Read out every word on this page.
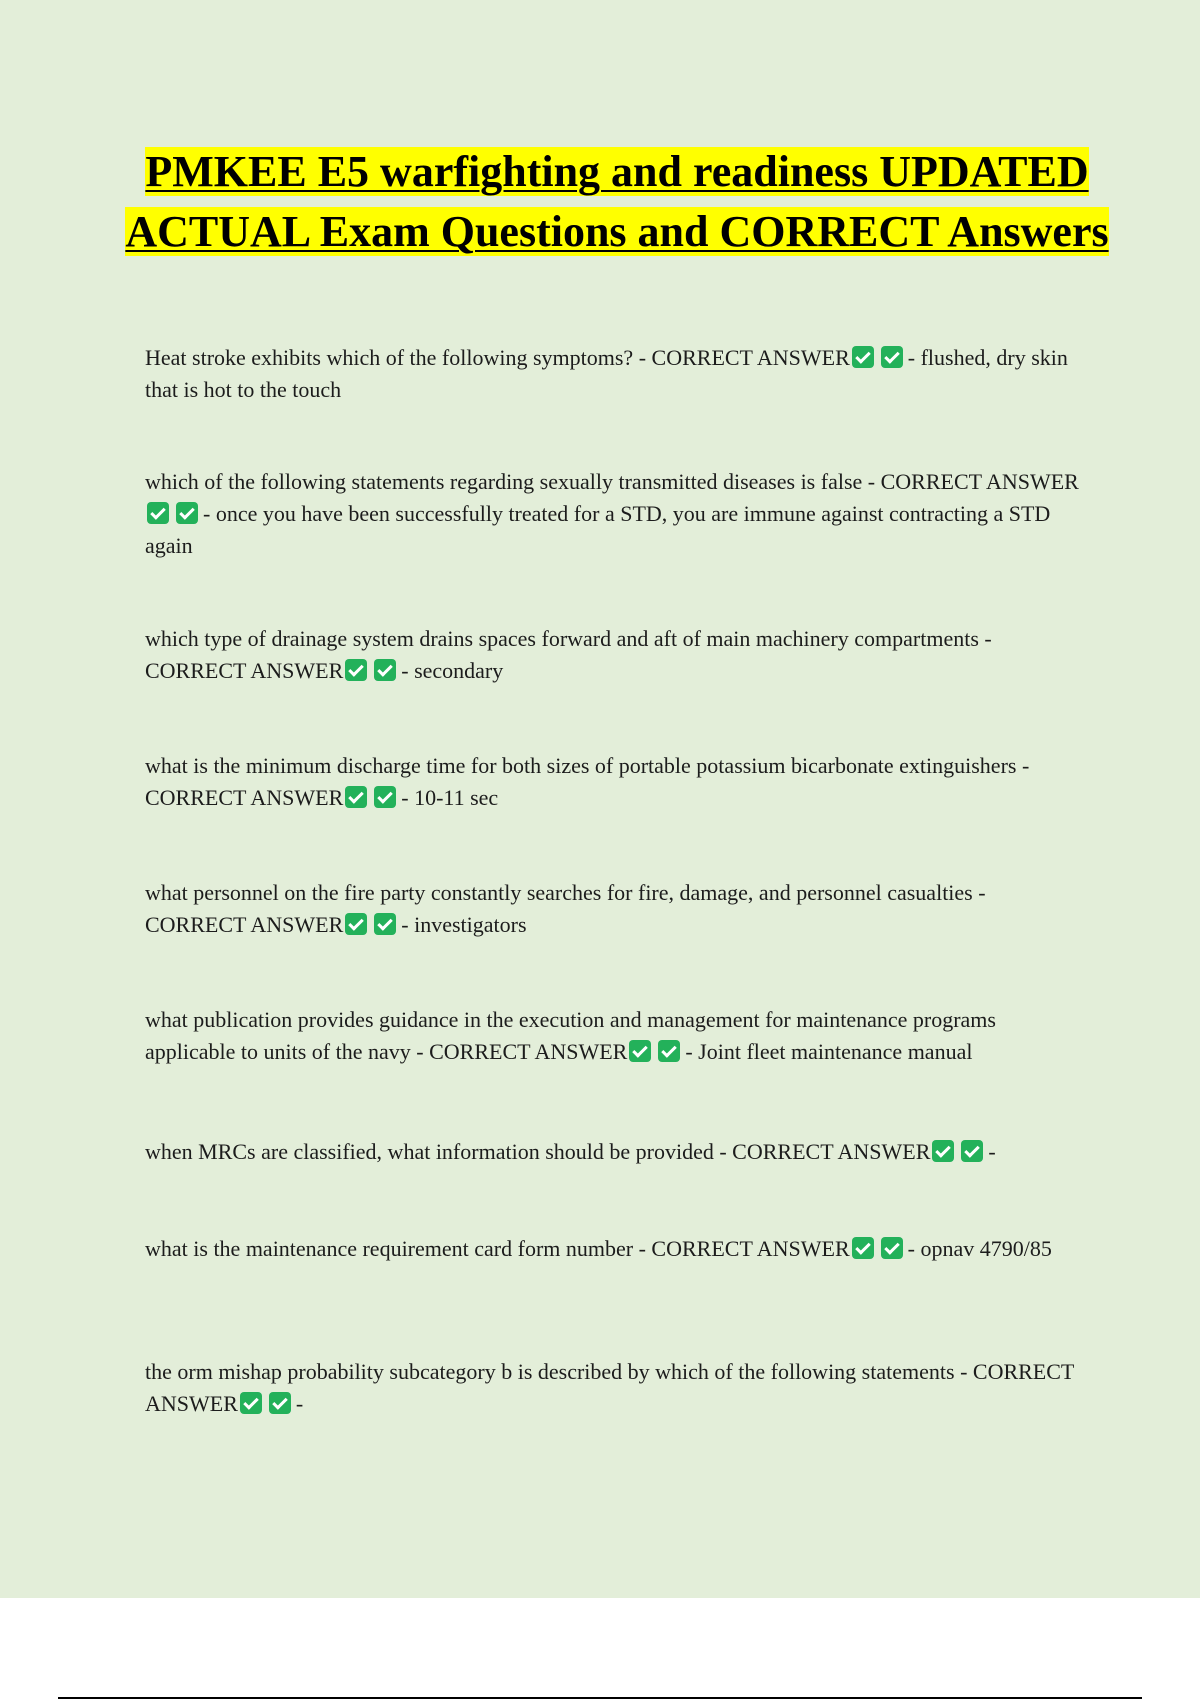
PMKEE E5 warfighting and readiness UPDATED ACTUAL Exam Questions and CORRECT Answers
Heat stroke exhibits which of the following symptoms? - CORRECT ANSWER	- flushed, dry skin that is hot to the touch
which of the following statements regarding sexually transmitted diseases is false - CORRECT ANSWER- once you have been successfully treated for a STD, you are immune against contracting a STD again
which type of drainage system drains spaces forward and aft of main machinery compartments - CORRECT ANSWER	- secondary
what is the minimum discharge time for both sizes of portable potassium bicarbonate extinguishers - CORRECT ANSWER	- 10-11 sec
what personnel on the fire party constantly searches for fire, damage, and personnel casualties - CORRECT ANSWER	- investigators
what publication provides guidance in the execution and management for maintenance programs applicable to units of the navy - CORRECT ANSWER	- Joint fleet maintenance manual
when MRCs are classified, what information should be provided - CORRECT ANSWER	-
what is the maintenance requirement card form number - CORRECT ANSWER	- opnav 4790/85
the orm mishap probability subcategory b is described by which of the following statements - CORRECT ANSWER	-
